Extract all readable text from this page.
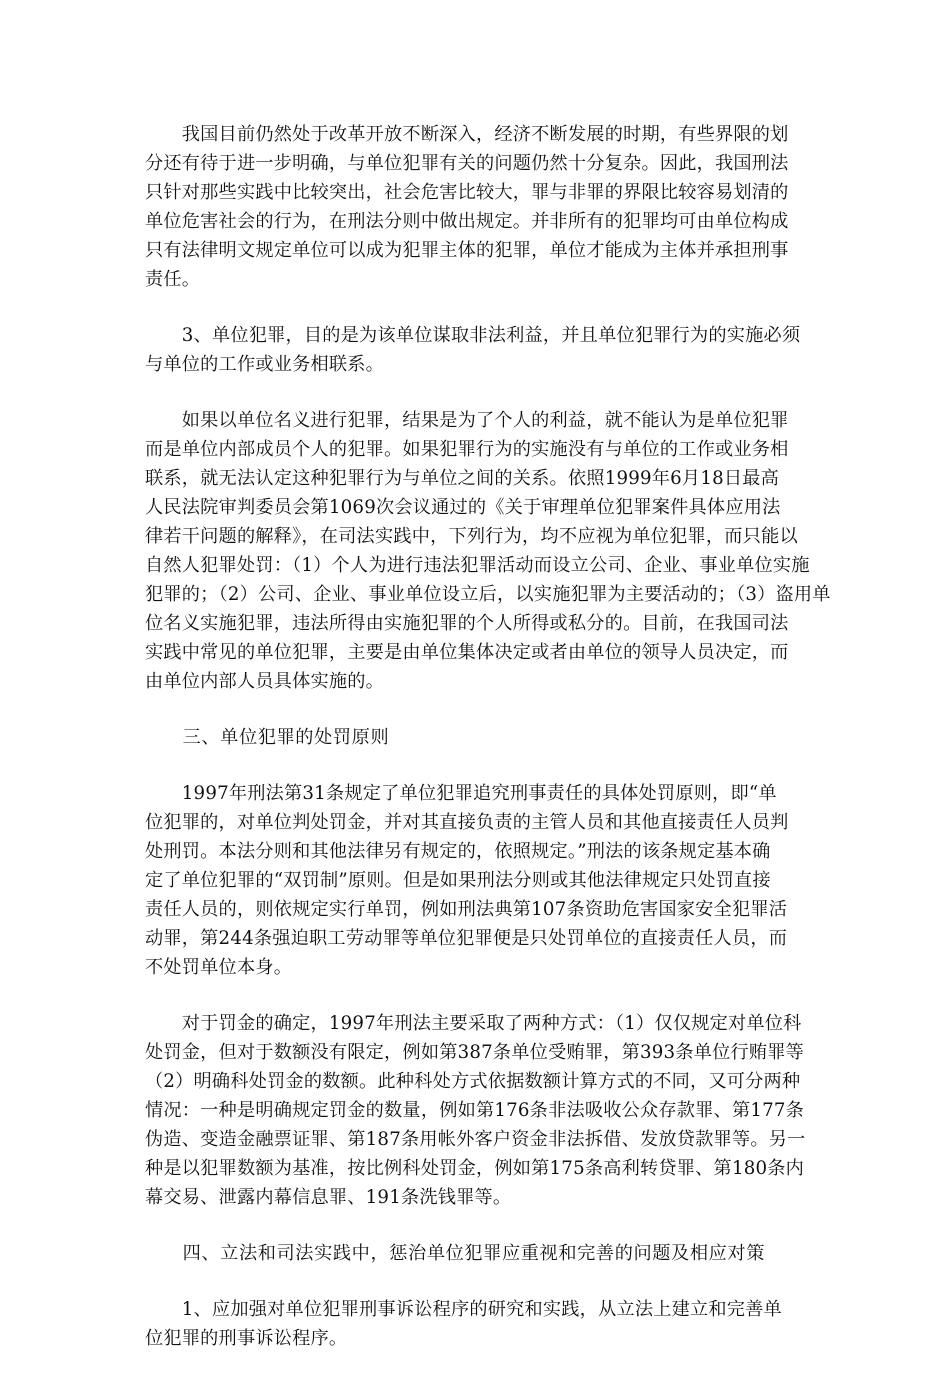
　　我国目前仍然处于改革开放不断深入，经济不断发展的时期，有些界限的划
分还有待于进一步明确，与单位犯罪有关的问题仍然十分复杂。因此，我国刑法
只针对那些实践中比较突出，社会危害比较大，罪与非罪的界限比较容易划清的
单位危害社会的行为，在刑法分则中做出规定。并非所有的犯罪均可由单位构成
只有法律明文规定单位可以成为犯罪主体的犯罪，单位才能成为主体并承担刑事
责任。
　　3、单位犯罪，目的是为该单位谋取非法利益，并且单位犯罪行为的实施必须
与单位的工作或业务相联系。
　　如果以单位名义进行犯罪，结果是为了个人的利益，就不能认为是单位犯罪
而是单位内部成员个人的犯罪。如果犯罪行为的实施没有与单位的工作或业务相
联系，就无法认定这种犯罪行为与单位之间的关系。依照1999年6月18日最高
人民法院审判委员会第1069次会议通过的《关于审理单位犯罪案件具体应用法
律若干问题的解释》，在司法实践中，下列行为，均不应视为单位犯罪，而只能以
自然人犯罪处罚：（1）个人为进行违法犯罪活动而设立公司、企业、事业单位实施
犯罪的；（2）公司、企业、事业单位设立后，以实施犯罪为主要活动的；（3）盗用单
位名义实施犯罪，违法所得由实施犯罪的个人所得或私分的。目前，在我国司法
实践中常见的单位犯罪，主要是由单位集体决定或者由单位的领导人员决定，而
由单位内部人员具体实施的。
　　三、单位犯罪的处罚原则
　　1997年刑法第31条规定了单位犯罪追究刑事责任的具体处罚原则，即“单
位犯罪的，对单位判处罚金，并对其直接负责的主管人员和其他直接责任人员判
处刑罚。本法分则和其他法律另有规定的，依照规定。”刑法的该条规定基本确
定了单位犯罪的“双罚制”原则。但是如果刑法分则或其他法律规定只处罚直接
责任人员的，则依规定实行单罚，例如刑法典第107条资助危害国家安全犯罪活
动罪，第244条强迫职工劳动罪等单位犯罪便是只处罚单位的直接责任人员，而
不处罚单位本身。
　　对于罚金的确定，1997年刑法主要采取了两种方式：（1）仅仅规定对单位科
处罚金，但对于数额没有限定，例如第387条单位受贿罪，第393条单位行贿罪等
（2）明确科处罚金的数额。此种科处方式依据数额计算方式的不同，又可分两种
情况：一种是明确规定罚金的数量，例如第176条非法吸收公众存款罪、第177条
伪造、变造金融票证罪、第187条用帐外客户资金非法拆借、发放贷款罪等。另一
种是以犯罪数额为基准，按比例科处罚金，例如第175条高利转贷罪、第180条内
幕交易、泄露内幕信息罪、191条洗钱罪等。
　　四、立法和司法实践中，惩治单位犯罪应重视和完善的问题及相应对策
　　1、应加强对单位犯罪刑事诉讼程序的研究和实践，从立法上建立和完善单
位犯罪的刑事诉讼程序。
